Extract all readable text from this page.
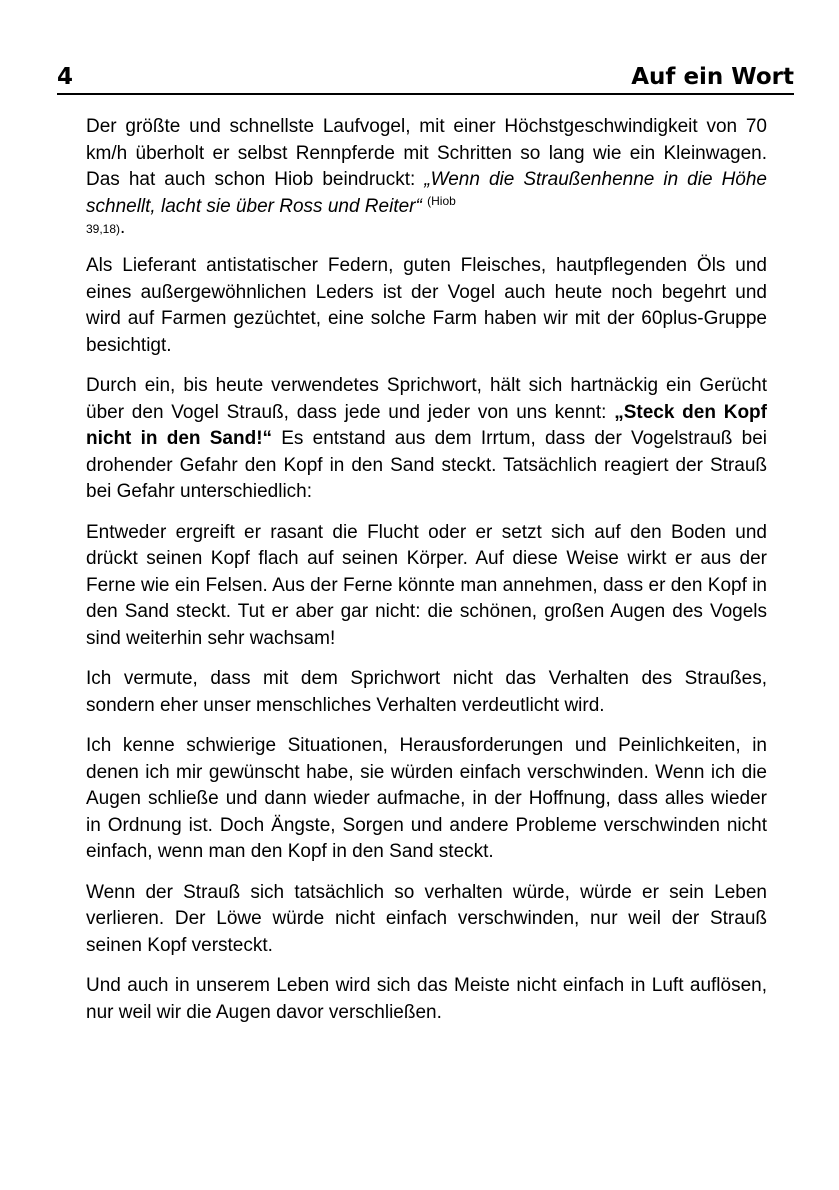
4	Auf ein Wort

Der größte und schnellste Laufvogel, mit einer Höchstgeschwindigkeit von 70 km/h überholt er selbst Rennpferde mit Schritten so lang wie ein Kleinwagen. Das hat auch schon Hiob beindruckt: „Wenn die Straußenhenne in die Höhe schnellt, lacht sie über Ross und Reiter“ $^{(Hiob}$
39,18).

Als Lieferant antistatischer Federn, guten Fleisches, hautpflegenden Öls und eines außergewöhnlichen Leders ist der Vogel auch heute noch begehrt und wird auf Farmen gezüchtet, eine solche Farm haben wir mit der 60plus-Gruppe besichtigt.

Durch ein, bis heute verwendetes Sprichwort, hält sich hartnäckig ein Gerücht über den Vogel Strauß, dass jede und jeder von uns kennt: „Steck den Kopf nicht in den Sand!“ Es entstand aus dem Irrtum, dass der Vogelstrauß bei drohender Gefahr den Kopf in den Sand steckt. Tatsächlich reagiert der Strauß bei Gefahr unterschiedlich:

Entweder ergreift er rasant die Flucht oder er setzt sich auf den Boden und drückt seinen Kopf flach auf seinen Körper. Auf diese Weise wirkt er aus der Ferne wie ein Felsen. Aus der Ferne könnte man annehmen, dass er den Kopf in den Sand steckt. Tut er aber gar nicht: die schönen, großen Augen des Vogels sind weiterhin sehr wachsam!

Ich vermute, dass mit dem Sprichwort nicht das Verhalten des Straußes, sondern eher unser menschliches Verhalten verdeutlicht wird.

Ich kenne schwierige Situationen, Herausforderungen und Peinlichkeiten, in denen ich mir gewünscht habe, sie würden einfach verschwinden. Wenn ich die Augen schließe und dann wieder aufmache, in der Hoffnung, dass alles wieder in Ordnung ist. Doch Ängste, Sorgen und andere Probleme verschwinden nicht einfach, wenn man den Kopf in den Sand steckt.

Wenn der Strauß sich tatsächlich so verhalten würde, würde er sein Leben verlieren. Der Löwe würde nicht einfach verschwinden, nur weil der Strauß seinen Kopf versteckt.

Und auch in unserem Leben wird sich das Meiste nicht einfach in Luft auflösen, nur weil wir die Augen davor verschließen.
